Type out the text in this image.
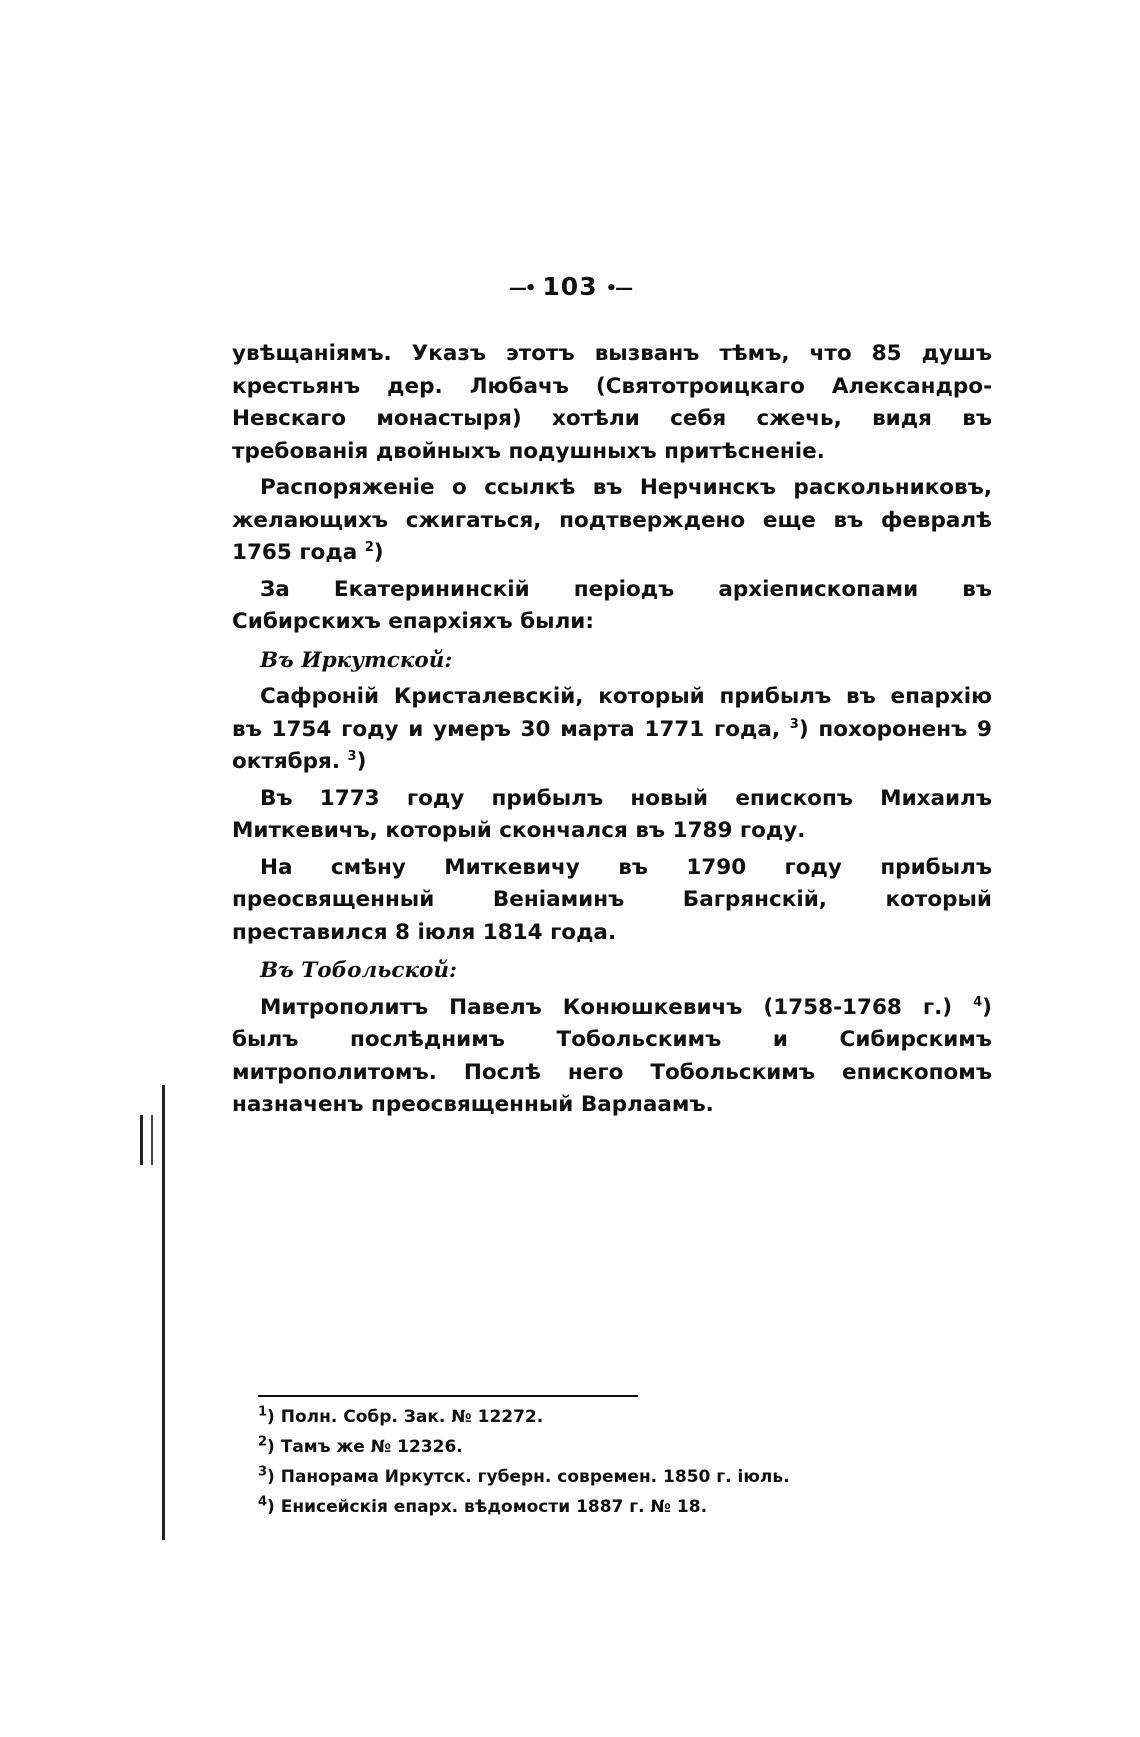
—• 103 •—

увѣщаніямъ. Указъ этотъ вызванъ тѣмъ, что 85 душъ крестьянъ дер. Любачъ (Святотроицкаго Александро-Невскаго монастыря) хотѣли себя сжечь, видя въ требованія двойныхъ подушныхъ притѣсненіе.

Распоряженіе о ссылкѣ въ Нерчинскъ раскольниковъ, желающихъ сжигаться, подтверждено еще въ февралѣ 1765 года $^2$)

За Екатерининскій періодъ архіепископами въ Сибирскихъ епархіяхъ были:

Въ Иркутской:

Сафроній Кристалевскій, который прибылъ въ епархію въ 1754 году и умеръ 30 марта 1771 года, $^3$) похороненъ 9 октября. $^3$)

Въ 1773 году прибылъ новый епископъ Михаилъ Миткевичъ, который скончался въ 1789 году.

На смѣну Миткевичу въ 1790 году прибылъ преосвященный Веніаминъ Багрянскій, который преставился 8 іюля 1814 года.

Въ Тобольской:

Митрополитъ Павелъ Конюшкевичъ (1758-1768 г.) $^4$) былъ послѣднимъ Тобольскимъ и Сибирскимъ митрополитомъ. Послѣ него Тобольскимъ епископомъ назначенъ преосвященный Варлаамъ.

$^1$) Полн. Собр. Зак. № 12272.
$^2$) Тамъ же № 12326.
$^3$) Панорама Иркутск. губерн. современ. 1850 г. іюль.
$^4$) Енисейскія епарх. вѣдомости 1887 г. № 18.
